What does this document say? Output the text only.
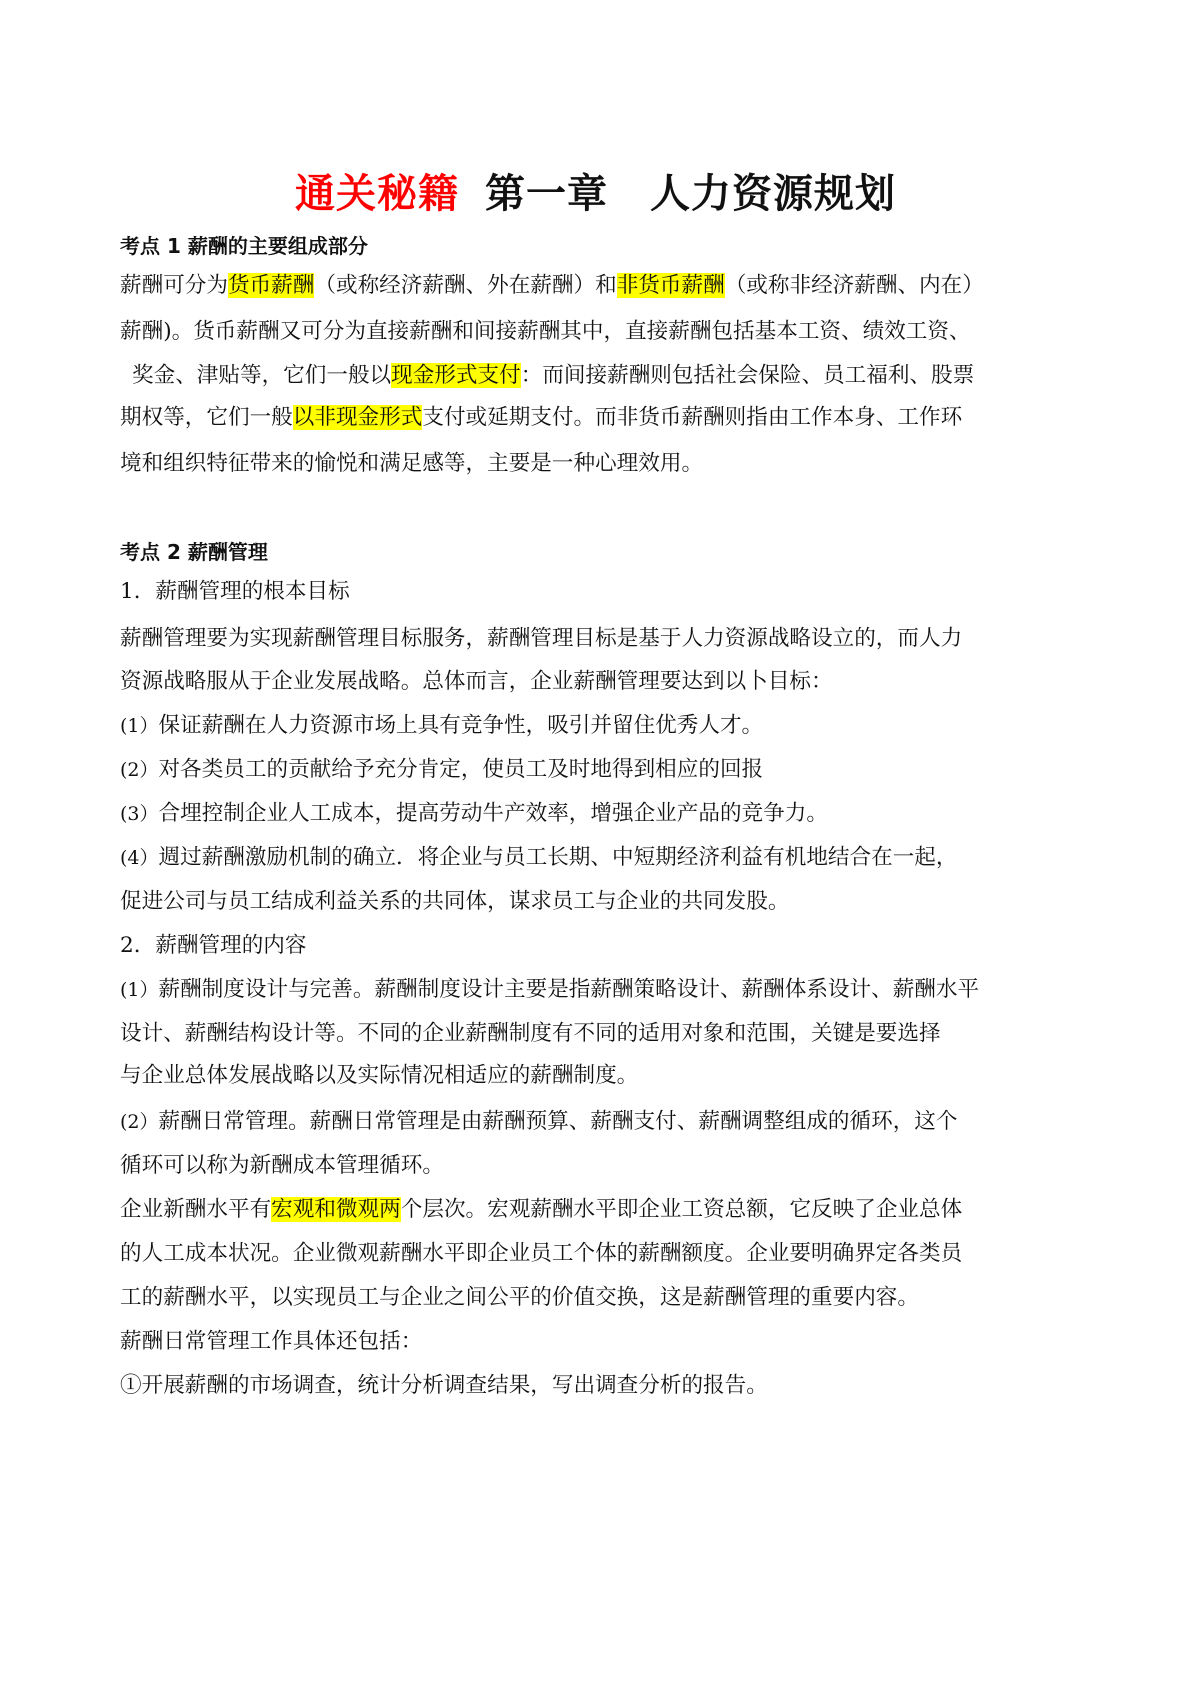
通关秘籍 第一章 人力资源规划
考点 1 薪酬的主要组成部分
薪酬可分为货币薪酬（或称经济薪酬、外在薪酬）和非货币薪酬（或称非经济薪酬、内在）
薪酬)。货币薪酬又可分为直接薪酬和间接薪酬其中，直接薪酬包括基本工资、绩效工资、
奖金、津贴等，它们一般以现金形式支付：而间接薪酬则包括社会保险、员工福利、股票
期权等，它们一般以非现金形式支付或延期支付。而非货币薪酬则指由工作本身、工作环
境和组织特征带来的愉悦和满足感等，主要是一种心理效用。
考点 2 薪酬管理
1．薪酬管理的根本目标
薪酬管理要为实现薪酬管理目标服务，薪酬管理目标是基于人力资源战略设立的，而人力
资源战略服从于企业发展战略。总体而言，企业薪酬管理要达到以卜目标：
(1）保证薪酬在人力资源市场上具有竞争性，吸引并留住优秀人才。
(2）对各类员工的贡献给予充分肯定，使员工及时地得到相应的回报
(3）合埋控制企业人工成本，提高劳动牛产效率，增强企业产品的竞争力。
(4）週过薪酬激励机制的确立．将企业与员工长期、中短期经济利益有机地结合在一起，
促进公司与员工结成利益关系的共同体，谋求员工与企业的共同发股。
2．薪酬管理的内容
(1）薪酬制度设计与完善。薪酬制度设计主要是指薪酬策略设计、薪酬体系设计、薪酬水平
设计、薪酬结构设计等。不同的企业薪酬制度有不同的适用对象和范围，关键是要选择
与企业总体发展战略以及实际情况相适应的薪酬制度。
(2）薪酬日常管理。薪酬日常管理是由薪酬预算、薪酬支付、薪酬调整组成的循环，这个
循环可以称为新酬成本管理循环。
企业新酬水平有宏观和微观两个层次。宏观薪酬水平即企业工资总额，它反映了企业总体
的人工成本状况。企业微观薪酬水平即企业员工个体的薪酬额度。企业要明确界定各类员
工的薪酬水平，以实现员工与企业之间公平的价值交换，这是薪酬管理的重要内容。
薪酬日常管理工作具体还包括：
①开展薪酬的市场调查，统计分析调查结果，写出调查分析的报告。
